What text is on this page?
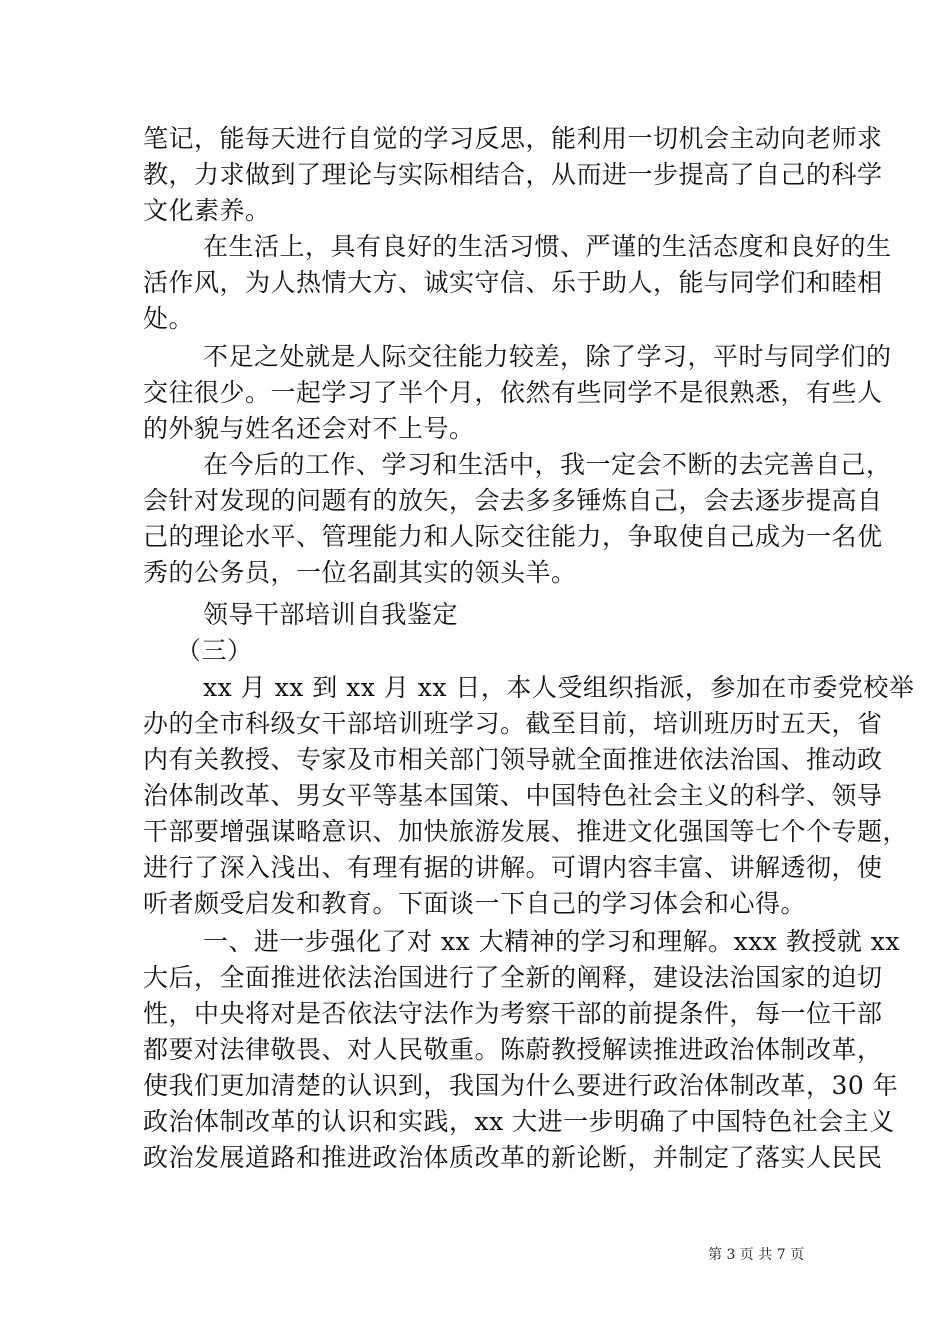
笔记，能每天进行自觉的学习反思，能利用一切机会主动向老师求
教，力求做到了理论与实际相结合，从而进一步提高了自己的科学
文化素养。
在生活上，具有良好的生活习惯、严谨的生活态度和良好的生
活作风，为人热情大方、诚实守信、乐于助人，能与同学们和睦相
处。
不足之处就是人际交往能力较差，除了学习，平时与同学们的
交往很少。一起学习了半个月，依然有些同学不是很熟悉，有些人
的外貌与姓名还会对不上号。
在今后的工作、学习和生活中，我一定会不断的去完善自己，
会针对发现的问题有的放矢，会去多多锤炼自己，会去逐步提高自
己的理论水平、管理能力和人际交往能力，争取使自己成为一名优
秀的公务员，一位名副其实的领头羊。
领导干部培训自我鉴定
（三）
xx 月 xx 到 xx 月 xx 日，本人受组织指派，参加在市委党校举
办的全市科级女干部培训班学习。截至目前，培训班历时五天，省
内有关教授、专家及市相关部门领导就全面推进依法治国、推动政
治体制改革、男女平等基本国策、中国特色社会主义的科学、领导
干部要增强谋略意识、加快旅游发展、推进文化强国等七个个专题，
进行了深入浅出、有理有据的讲解。可谓内容丰富、讲解透彻，使
听者颇受启发和教育。下面谈一下自己的学习体会和心得。
一、进一步强化了对 xx 大精神的学习和理解。xxx 教授就 xx
大后，全面推进依法治国进行了全新的阐释，建设法治国家的迫切
性，中央将对是否依法守法作为考察干部的前提条件，每一位干部
都要对法律敬畏、对人民敬重。陈蔚教授解读推进政治体制改革，
使我们更加清楚的认识到，我国为什么要进行政治体制改革，30 年
政治体制改革的认识和实践，xx 大进一步明确了中国特色社会主义
政治发展道路和推进政治体质改革的新论断，并制定了落实人民民
第 3 页 共 7 页
